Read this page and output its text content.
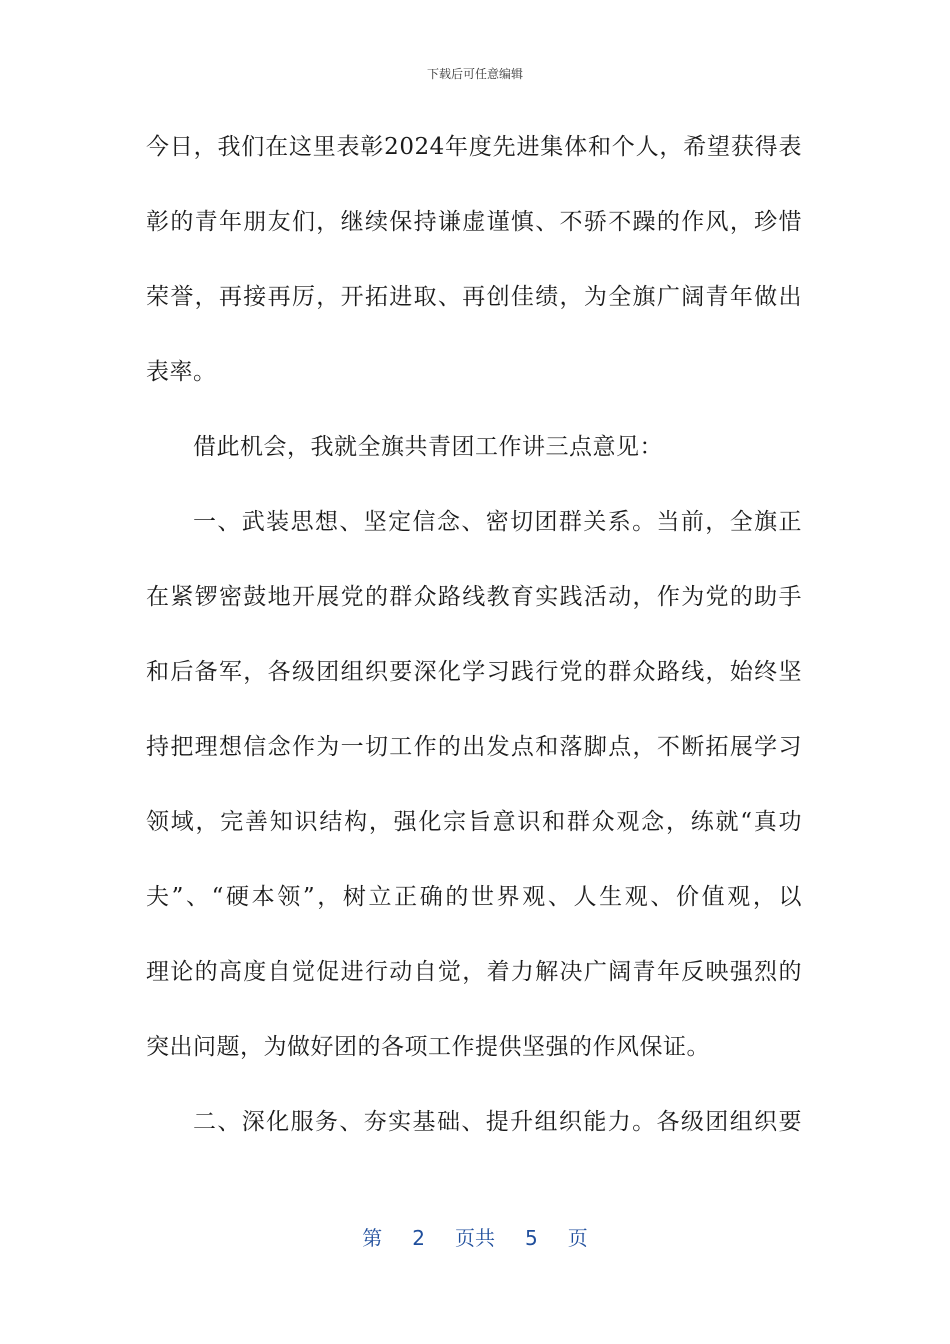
下载后可任意编辑
今日，我们在这里表彰2024年度先进集体和个人，希望获得表
彰的青年朋友们，继续保持谦虚谨慎、不骄不躁的作风，珍惜
荣誉，再接再厉，开拓进取、再创佳绩，为全旗广阔青年做出
表率。
借此机会，我就全旗共青团工作讲三点意见：
一、武装思想、坚定信念、密切团群关系。当前，全旗正
在紧锣密鼓地开展党的群众路线教育实践活动，作为党的助手
和后备军，各级团组织要深化学习践行党的群众路线，始终坚
持把理想信念作为一切工作的出发点和落脚点，不断拓展学习
领域，完善知识结构，强化宗旨意识和群众观念，练就“真功
夫”、“硬本领”，树立正确的世界观、人生观、价值观，以
理论的高度自觉促进行动自觉，着力解决广阔青年反映强烈的
突出问题，为做好团的各项工作提供坚强的作风保证。
二、深化服务、夯实基础、提升组织能力。各级团组织要
第 2 页共 5 页
